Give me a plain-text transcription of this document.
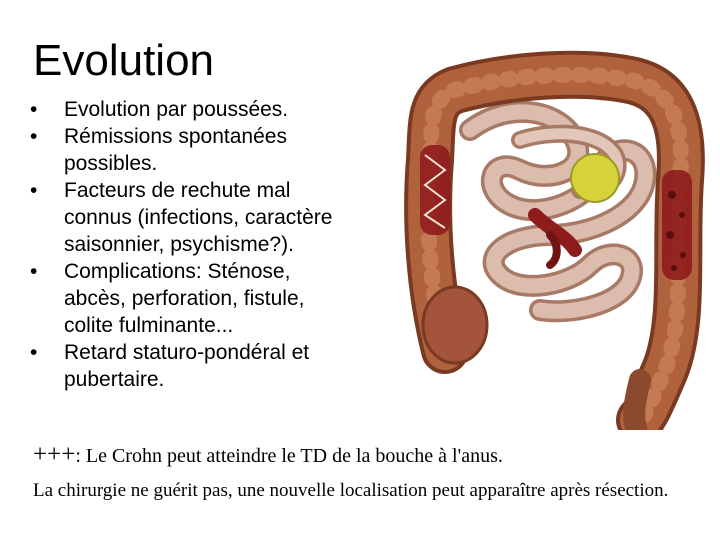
Evolution
• Evolution par poussées.
• Rémissions spontanées
possibles.
• Facteurs de rechute mal
connus (infections, caractère
saisonnier, psychisme?).
• Complications: Sténose,
abcès, perforation, fistule,
colite fulminante...
• Retard staturo-pondéral et
pubertaire.
+++: Le Crohn peut atteindre le TD de la bouche à l'anus.
La chirurgie ne guérit pas, une nouvelle localisation peut apparaître après résection.
